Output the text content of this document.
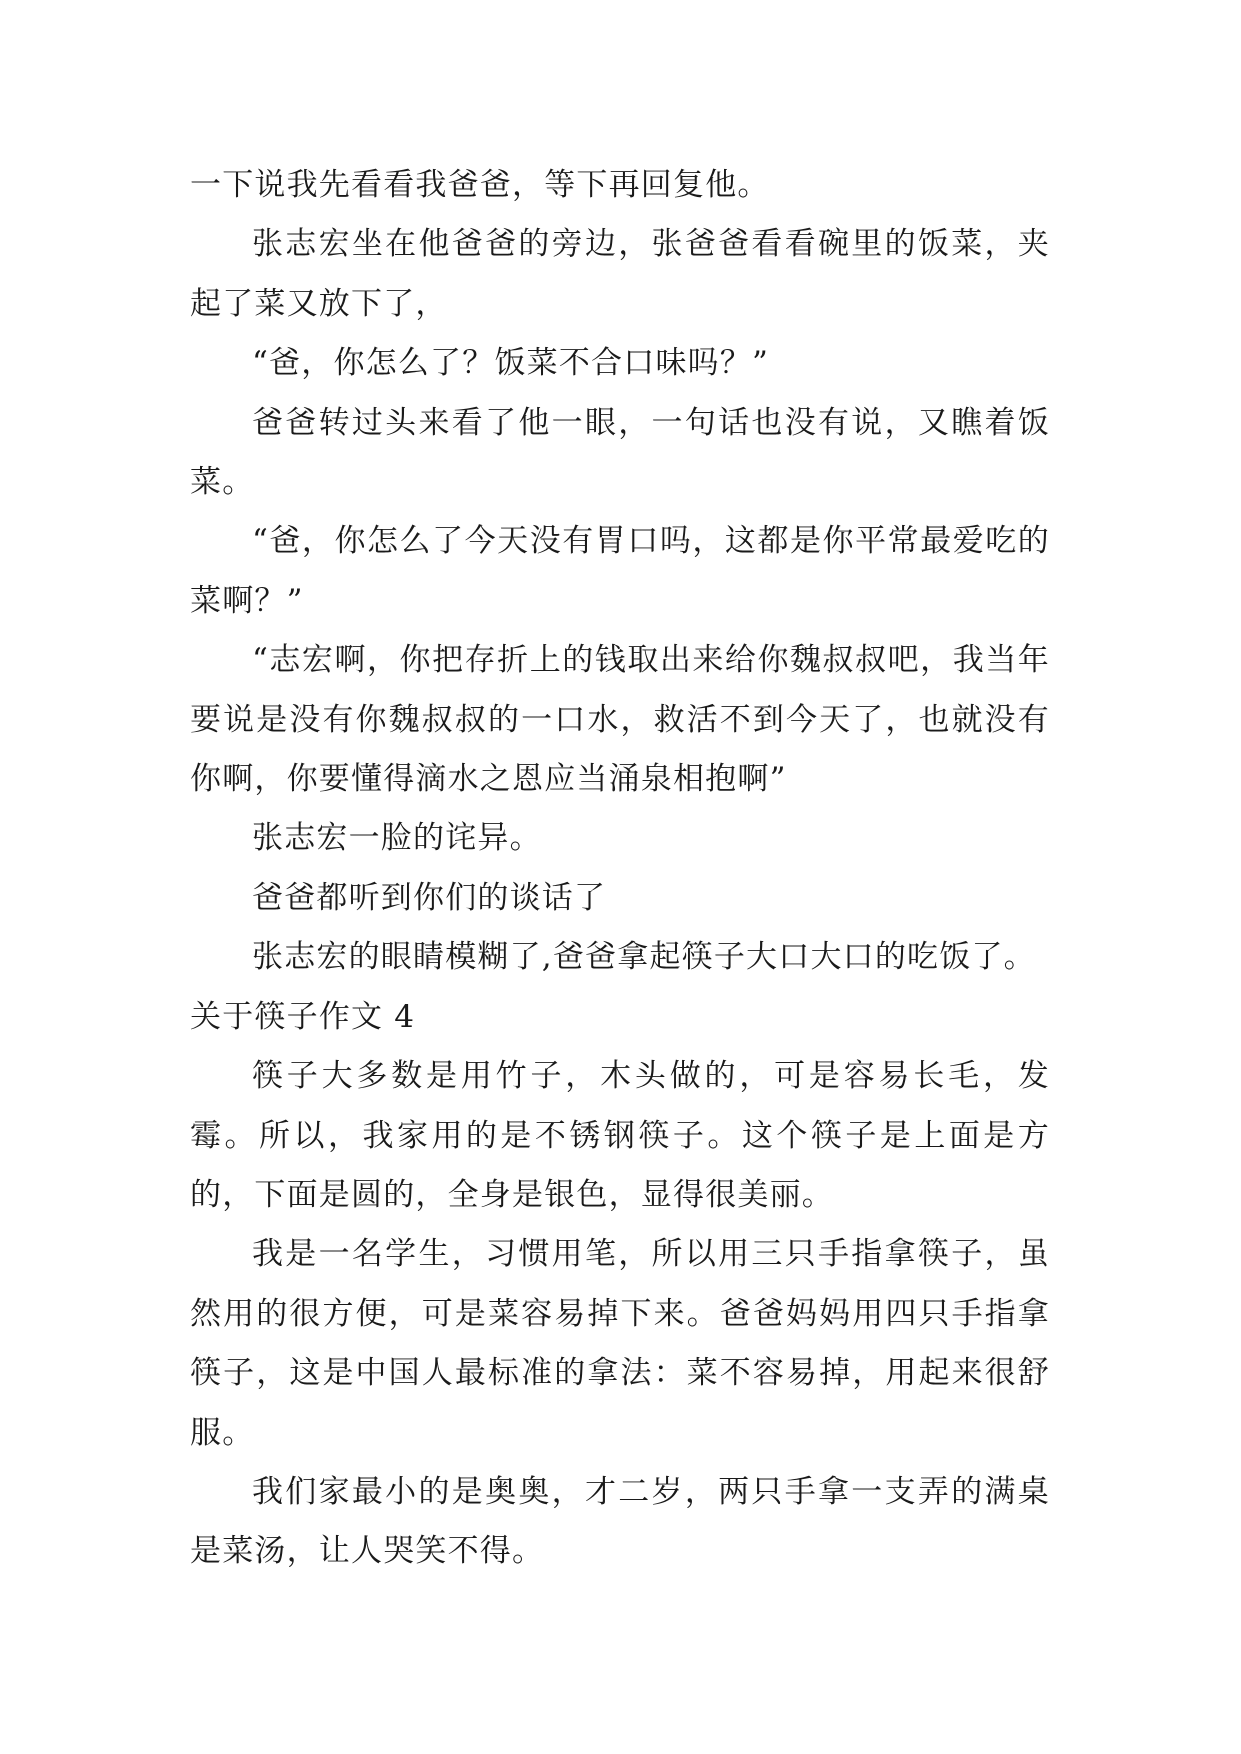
一下说我先看看我爸爸，等下再回复他。

张志宏坐在他爸爸的旁边，张爸爸看看碗里的饭菜，夹起了菜又放下了，

“爸，你怎么了？饭菜不合口味吗？”

爸爸转过头来看了他一眼，一句话也没有说，又瞧着饭菜。

“爸，你怎么了今天没有胃口吗，这都是你平常最爱吃的菜啊？”

“志宏啊，你把存折上的钱取出来给你魏叔叔吧，我当年要说是没有你魏叔叔的一口水，救活不到今天了，也就没有你啊，你要懂得滴水之恩应当涌泉相抱啊”

张志宏一脸的诧异。

爸爸都听到你们的谈话了

张志宏的眼睛模糊了,爸爸拿起筷子大口大口的吃饭了。

关于筷子作文 4

筷子大多数是用竹子，木头做的，可是容易长毛，发霉。所以，我家用的是不锈钢筷子。这个筷子是上面是方的，下面是圆的，全身是银色，显得很美丽。

我是一名学生，习惯用笔，所以用三只手指拿筷子，虽然用的很方便，可是菜容易掉下来。爸爸妈妈用四只手指拿筷子，这是中国人最标准的拿法：菜不容易掉，用起来很舒服。

我们家最小的是奥奥，才二岁，两只手拿一支弄的满桌是菜汤，让人哭笑不得。
